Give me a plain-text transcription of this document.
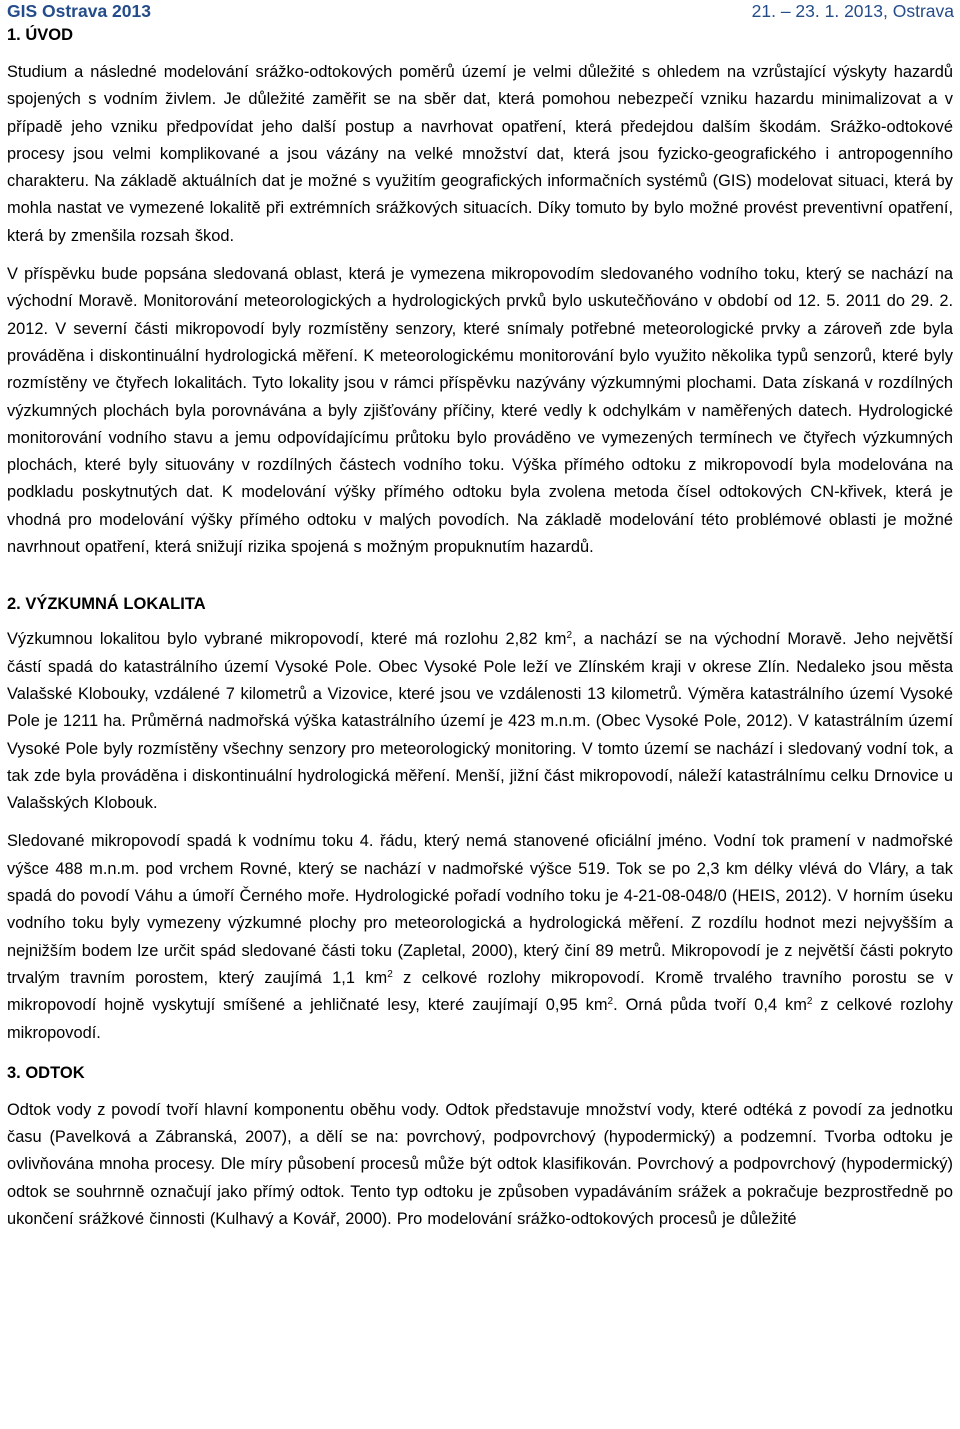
GIS Ostrava 2013	21. – 23. 1. 2013, Ostrava
1. ÚVOD

Studium a následné modelování srážko-odtokových poměrů území je velmi důležité s ohledem na vzrůstající výskyty hazardů spojených s vodním živlem. Je důležité zaměřit se na sběr dat, která pomohou nebezpečí vzniku hazardu minimalizovat a v případě jeho vzniku předpovídat jeho další postup a navrhovat opatření, která předejdou dalším škodám. Srážko-odtokové procesy jsou velmi komplikované a jsou vázány na velké množství dat, která jsou fyzicko-geografického i antropogenního charakteru. Na základě aktuálních dat je možné s využitím geografických informačních systémů (GIS) modelovat situaci, která by mohla nastat ve vymezené lokalitě při extrémních srážkových situacích. Díky tomuto by bylo možné provést preventivní opatření, která by zmenšila rozsah škod.

V příspěvku bude popsána sledovaná oblast, která je vymezena mikropovodím sledovaného vodního toku, který se nachází na východní Moravě. Monitorování meteorologických a hydrologických prvků bylo uskutečňováno v období od 12. 5. 2011 do 29. 2. 2012. V severní části mikropovodí byly rozmístěny senzory, které snímaly potřebné meteorologické prvky a zároveň zde byla prováděna i diskontinuální hydrologická měření. K meteorologickému monitorování bylo využito několika typů senzorů, které byly rozmístěny ve čtyřech lokalitách. Tyto lokality jsou v rámci příspěvku nazývány výzkumnými plochami. Data získaná v rozdílných výzkumných plochách byla porovnávána a byly zjišťovány příčiny, které vedly k odchylkám v naměřených datech. Hydrologické monitorování vodního stavu a jemu odpovídajícímu průtoku bylo prováděno ve vymezených termínech ve čtyřech výzkumných plochách, které byly situovány v rozdílných částech vodního toku. Výška přímého odtoku z mikropovodí byla modelována na podkladu poskytnutých dat. K modelování výšky přímého odtoku byla zvolena metoda čísel odtokových CN-křivek, která je vhodná pro modelování výšky přímého odtoku v malých povodích. Na základě modelování této problémové oblasti je možné navrhnout opatření, která snižují rizika spojená s možným propuknutím hazardů.

2. VÝZKUMNÁ LOKALITA

Výzkumnou lokalitou bylo vybrané mikropovodí, které má rozlohu 2,82 $km^2$, a nachází se na východní Moravě. Jeho největší částí spadá do katastrálního území Vysoké Pole. Obec Vysoké Pole leží ve Zlínském kraji v okrese Zlín. Nedaleko jsou města Valašské Klobouky, vzdálené 7 kilometrů a Vizovice, které jsou ve vzdálenosti 13 kilometrů. Výměra katastrálního území Vysoké Pole je 1211 ha. Průměrná nadmořská výška katastrálního území je 423 m.n.m. (Obec Vysoké Pole, 2012). V katastrálním území Vysoké Pole byly rozmístěny všechny senzory pro meteorologický monitoring. V tomto území se nachází i sledovaný vodní tok, a tak zde byla prováděna i diskontinuální hydrologická měření. Menší, jižní část mikropovodí, náleží katastrálnímu celku Drnovice u Valašských Klobouk.

Sledované mikropovodí spadá k vodnímu toku 4. řádu, který nemá stanovené oficiální jméno. Vodní tok pramení v nadmořské výšce 488 m.n.m. pod vrchem Rovné, který se nachází v nadmořské výšce 519. Tok se po 2,3 km délky vlévá do Vláry, a tak spadá do povodí Váhu a úmoří Černého moře. Hydrologické pořadí vodního toku je 4-21-08-048/0 (HEIS, 2012). V horním úseku vodního toku byly vymezeny výzkumné plochy pro meteorologická a hydrologická měření. Z rozdílu hodnot mezi nejvyšším a nejnižším bodem lze určit spád sledované části toku (Zapletal, 2000), který činí 89 metrů. Mikropovodí je z největší části pokryto trvalým travním porostem, který zaujímá 1,1 $km^2$ z celkové rozlohy mikropovodí. Kromě trvalého travního porostu se v mikropovodí hojně vyskytují smíšené a jehličnaté lesy, které zaujímají 0,95 $km^2$. Orná půda tvoří 0,4 $km^2$ z celkové rozlohy mikropovodí.

3. ODTOK

Odtok vody z povodí tvoří hlavní komponentu oběhu vody. Odtok představuje množství vody, které odtéká z povodí za jednotku času (Pavelková a Zábranská, 2007), a dělí se na: povrchový, podpovrchový (hypodermický) a podzemní. Tvorba odtoku je ovlivňována mnoha procesy. Dle míry působení procesů může být odtok klasifikován. Povrchový a podpovrchový (hypodermický) odtok se souhrnně označují jako přímý odtok. Tento typ odtoku je způsoben vypadáváním srážek a pokračuje bezprostředně po ukončení srážkové činnosti (Kulhavý a Kovář, 2000). Pro modelování srážko-odtokových procesů je důležité
